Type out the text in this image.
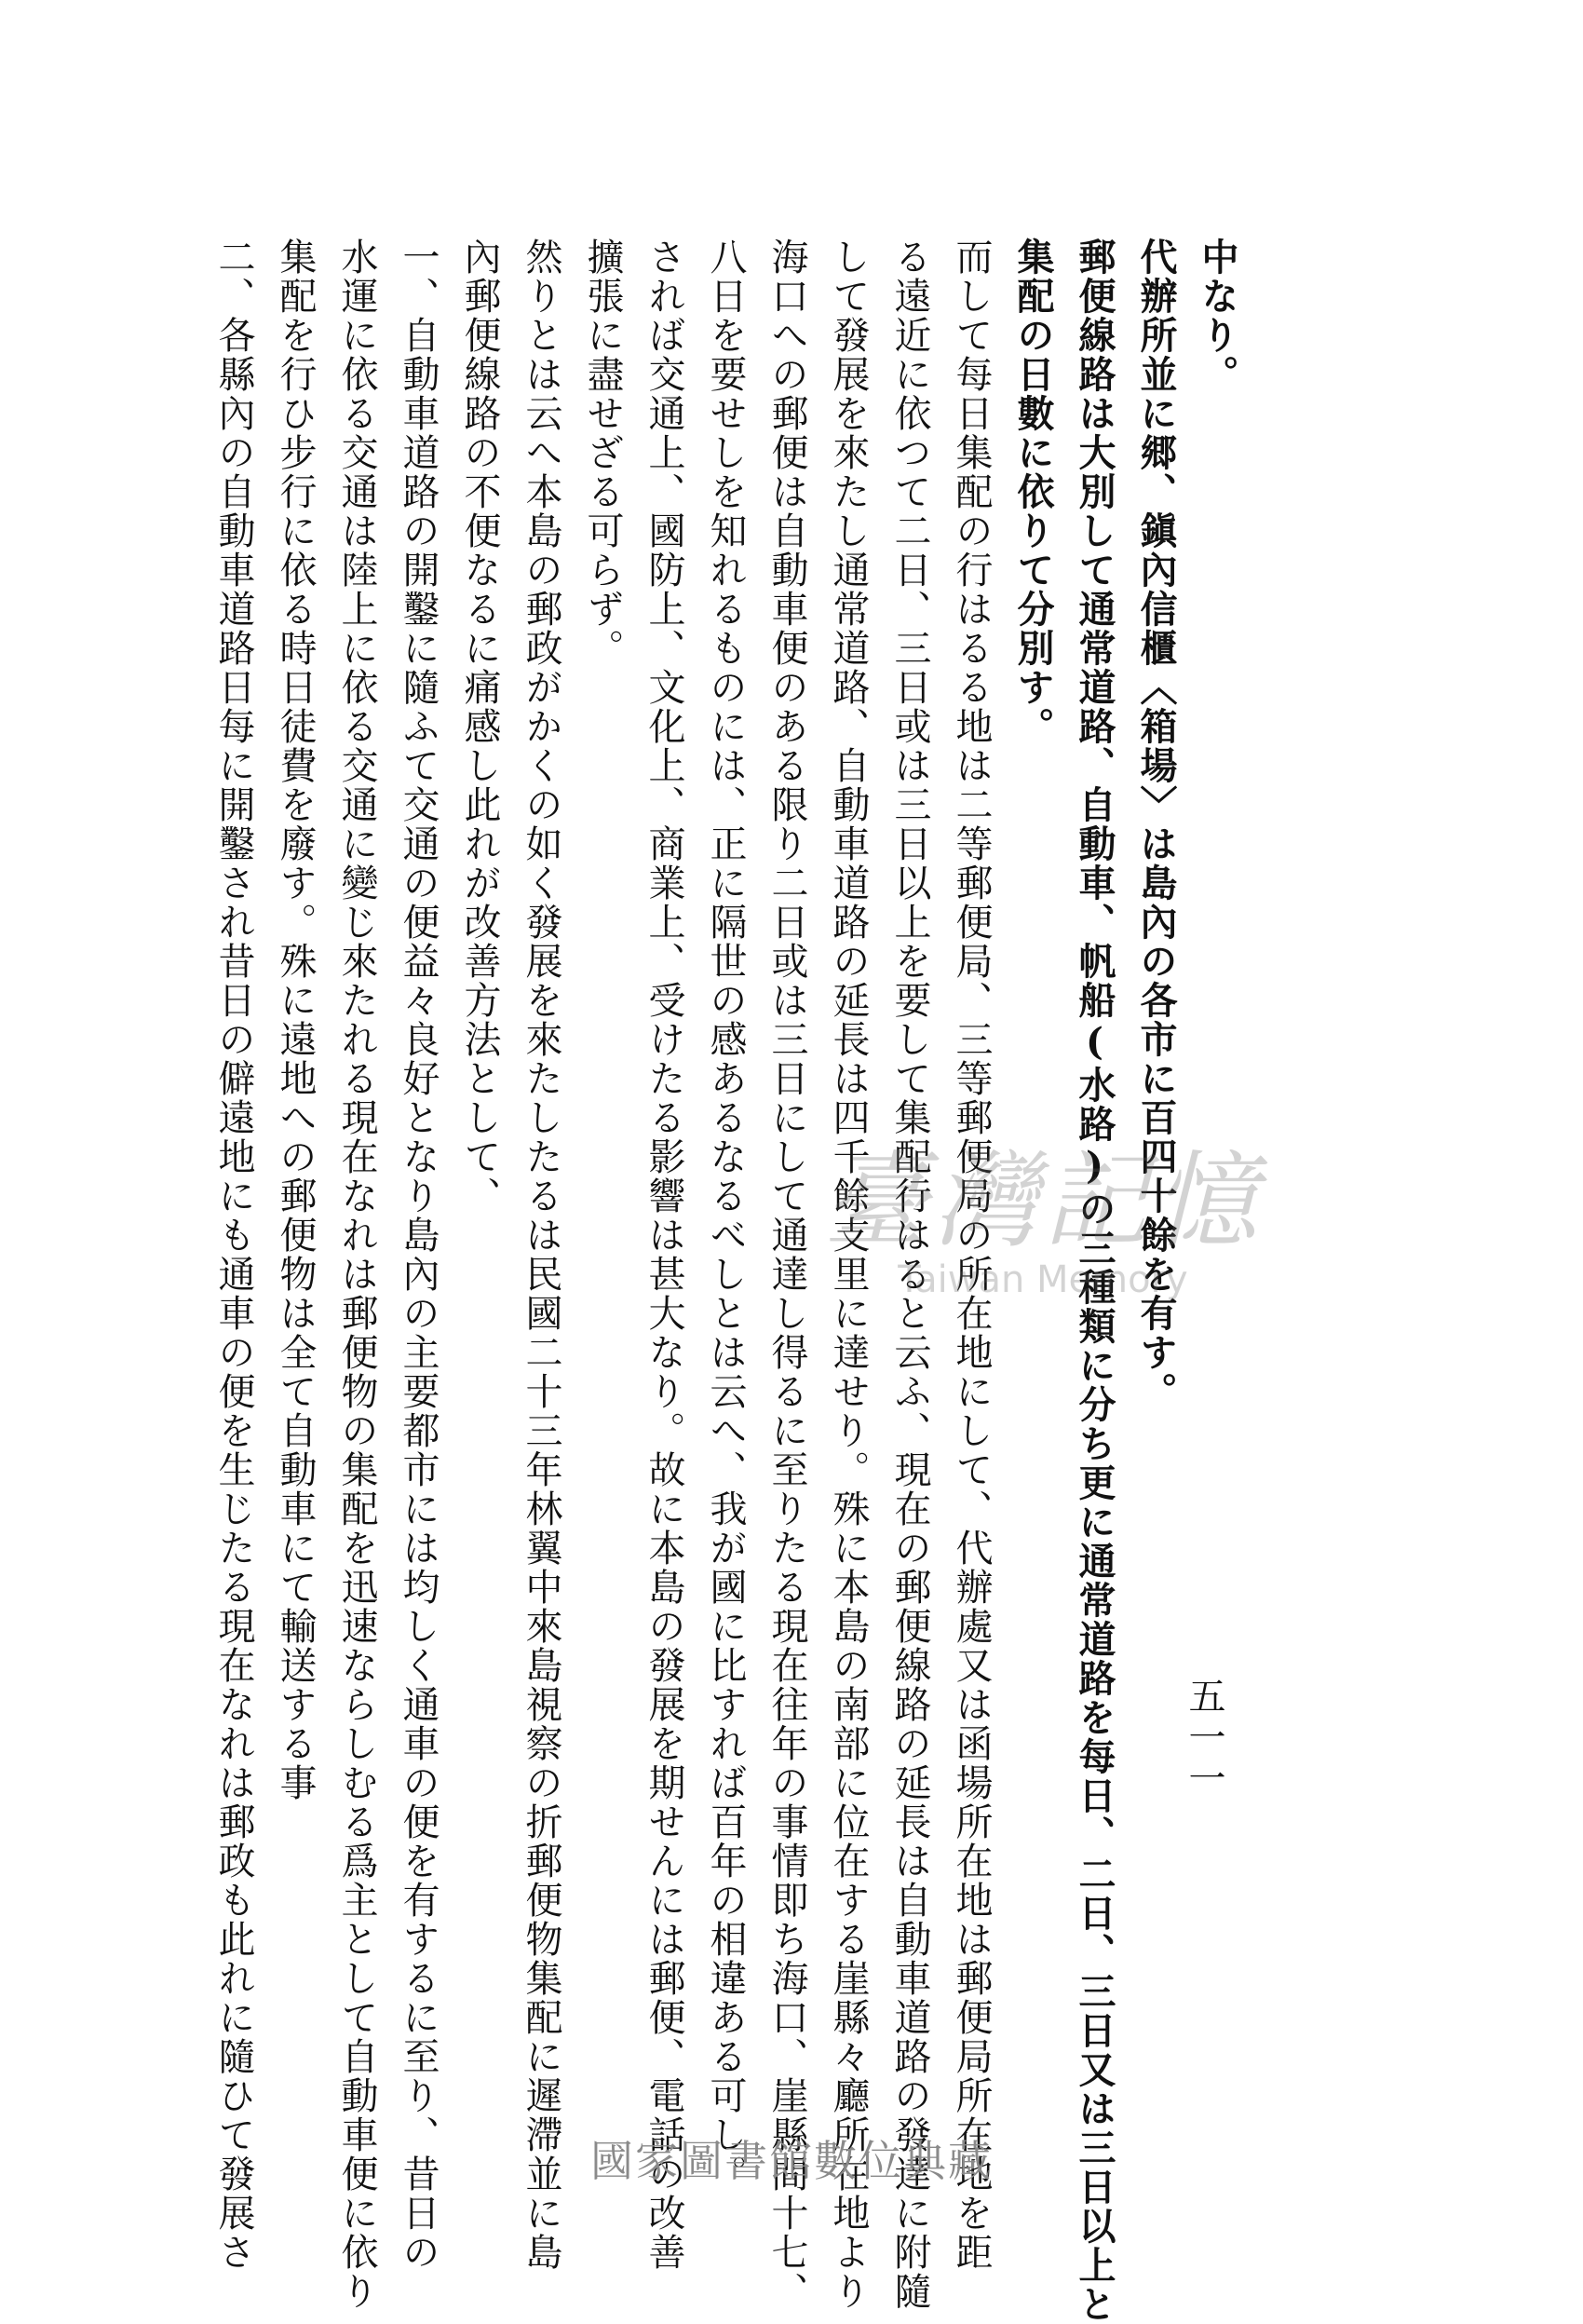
中なり。

代辦所並に郷、鎭內信櫃〈箱場〉は島內の各市に百四十餘を有す。

郵便線路は大別して通常道路、自動車、帆船(水路)の三種類に分ち更に通常道路を每日、二日、三日又は三日以上と

集配の日數に依りて分別す。

而して每日集配の行はるる地は二等郵便局、三等郵便局の所在地にして、代辦處又は函場所在地は郵便局所在地を距

る遠近に依つて二日、三日或は三日以上を要して集配行はると云ふ、現在の郵便線路の延長は自動車道路の發達に附隨

して發展を來たし通常道路、自動車道路の延長は四千餘支里に達せり。殊に本島の南部に位在する崖縣々廳所在地より

海口への郵便は自動車便のある限り二日或は三日にして通達し得るに至りたる現在往年の事情即ち海口、崖縣間十七、

八日を要せしを知れるものには、正に隔世の感あるなるべしとは云へ、我が國に比すれば百年の相違ある可し。

されば交通上、國防上、文化上、商業上、受けたる影響は甚大なり。故に本島の發展を期せんには郵便、電話の改善

擴張に盡せざる可らず。

然りとは云へ本島の郵政がかくの如く發展を來たしたるは民國二十三年林翼中來島視察の折郵便物集配に遲滯並に島

內郵便線路の不便なるに痛感し此れが改善方法として、

一、自動車道路の開鑿に隨ふて交通の便益々良好となり島內の主要都市には均しく通車の便を有するに至り、昔日の

水運に依る交通は陸上に依る交通に變じ來たれる現在なれは郵便物の集配を迅速ならしむる爲主として自動車便に依り

集配を行ひ步行に依る時日徒費を廢す。殊に遠地への郵便物は全て自動車にて輸送する事

二、各縣內の自動車道路日每に開鑿され昔日の僻遠地にも通車の便を生じたる現在なれは郵政も此れに隨ひて發展さ	五一一
臺灣記憶
Taiwan Memory
國家圖書館數位典藏
